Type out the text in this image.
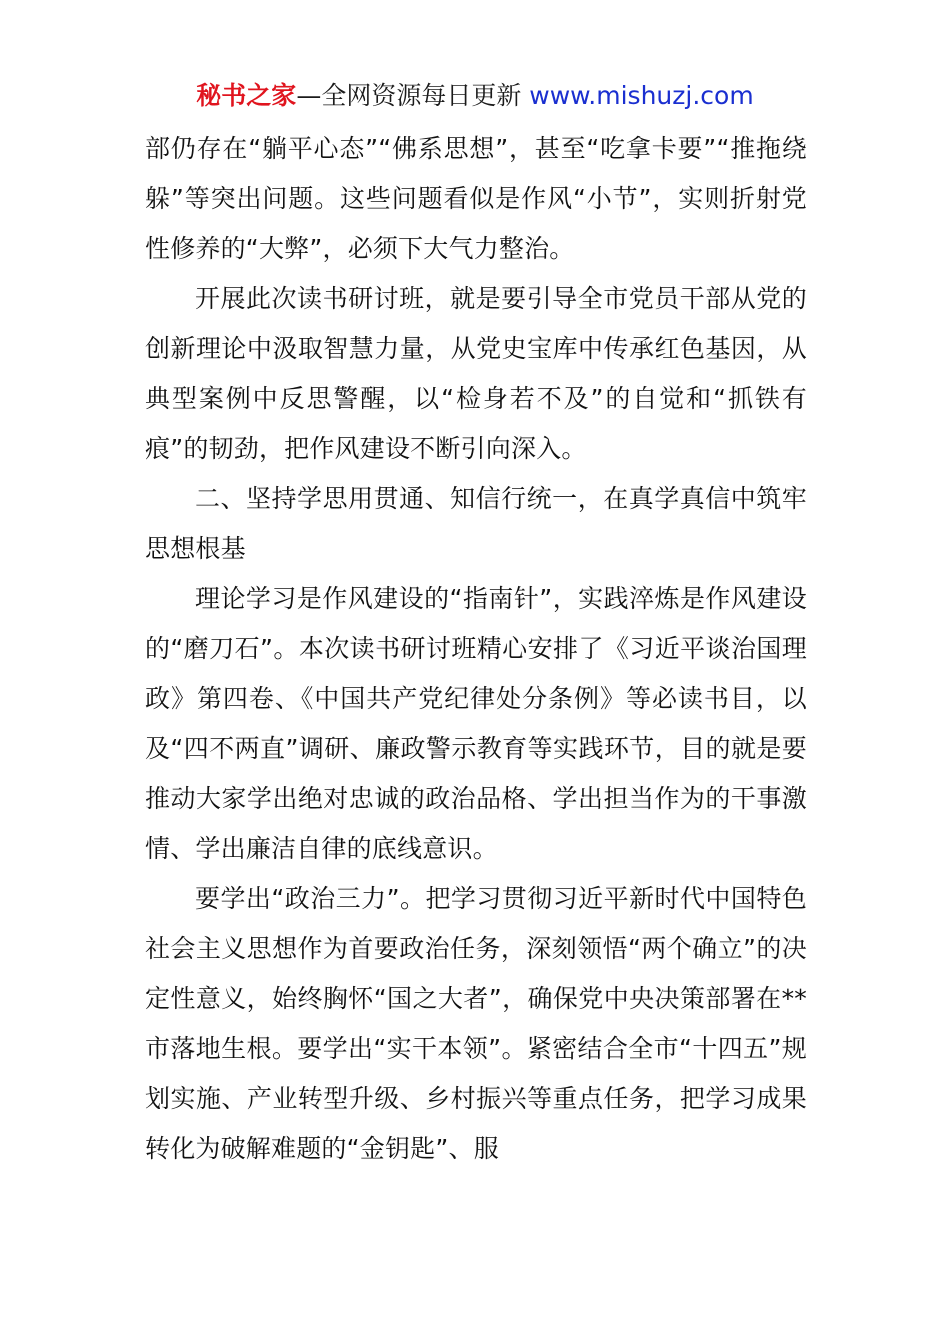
秘书之家—全网资源每日更新 www.mishuzj.com

部仍存在“躺平心态”“佛系思想”，甚至“吃拿卡要”“推拖绕躲”等突出问题。这些问题看似是作风“小节”，实则折射党性修养的“大弊”，必须下大气力整治。

开展此次读书研讨班，就是要引导全市党员干部从党的创新理论中汲取智慧力量，从党史宝库中传承红色基因，从典型案例中反思警醒，以“检身若不及”的自觉和“抓铁有痕”的韧劲，把作风建设不断引向深入。

二、坚持学思用贯通、知信行统一，在真学真信中筑牢思想根基

理论学习是作风建设的“指南针”，实践淬炼是作风建设的“磨刀石”。本次读书研讨班精心安排了《习近平谈治国理政》第四卷、《中国共产党纪律处分条例》等必读书目，以及“四不两直”调研、廉政警示教育等实践环节，目的就是要推动大家学出绝对忠诚的政治品格、学出担当作为的干事激情、学出廉洁自律的底线意识。

要学出“政治三力”。把学习贯彻习近平新时代中国特色社会主义思想作为首要政治任务，深刻领悟“两个确立”的决定性意义，始终胸怀“国之大者”，确保党中央决策部署在**市落地生根。要学出“实干本领”。紧密结合全市“十四五”规划实施、产业转型升级、乡村振兴等重点任务，把学习成果转化为破解难题的“金钥匙”、服
